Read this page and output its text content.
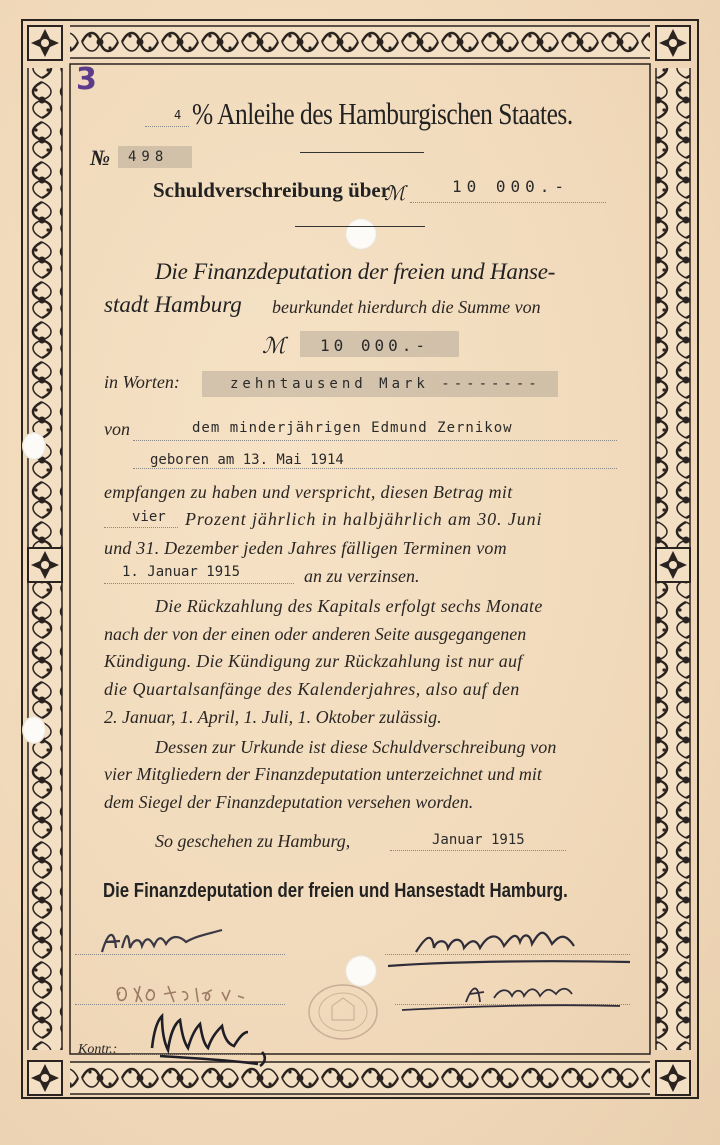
3
4 % Anleihe des Hamburgischen Staates.
№ 498
Schuldverschreibung über
ℳ	10 000.-
Die Finanzdeputation der freien und Hanse-
stadt Hamburg beurkundet hierdurch die Summe von
ℳ 10 000.-
in Worten:	zehntausend Mark --------
von	dem minderjährigen Edmund Zernikow
geboren am 13. Mai 1914
empfangen zu haben und verspricht, diesen Betrag mit
vier Prozent jährlich in halbjährlich am 30. Juni
und 31. Dezember jeden Jahres fälligen Terminen vom
1. Januar 1915	an zu verzinsen.
Die Rückzahlung des Kapitals erfolgt sechs Monate
nach der von der einen oder anderen Seite ausgegangenen
Kündigung. Die Kündigung zur Rückzahlung ist nur auf
die Quartalsanfänge des Kalenderjahres, also auf den
2. Januar, 1. April, 1. Juli, 1. Oktober zulässig.
Dessen zur Urkunde ist diese Schuldverschreibung von
vier Mitgliedern der Finanzdeputation unterzeichnet und mit
dem Siegel der Finanzdeputation versehen worden.
So geschehen zu Hamburg,	Januar 1915
Die Finanzdeputation der freien und Hansestadt Hamburg.
Kontr.:
